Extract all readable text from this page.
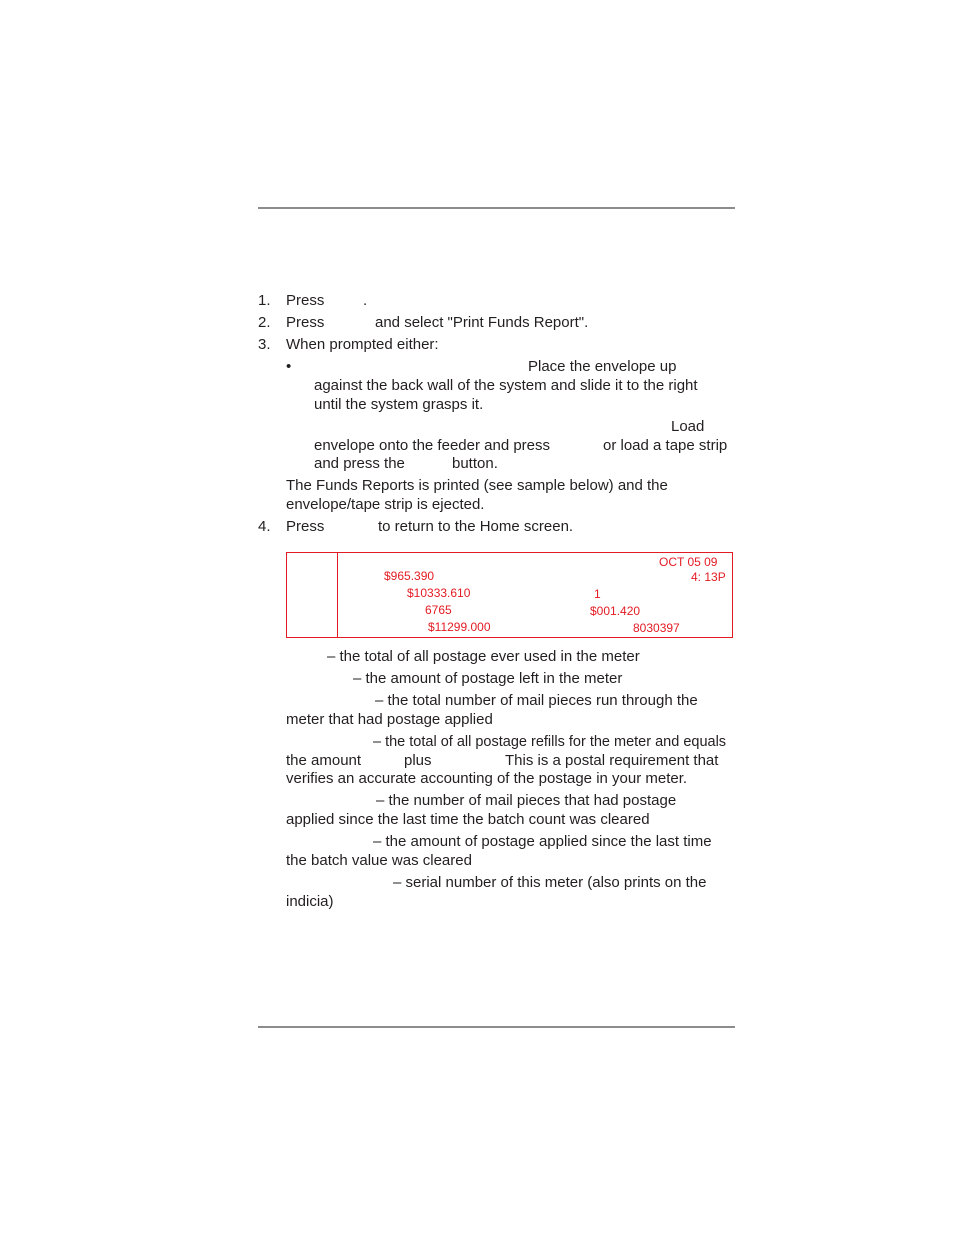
1. Press	.
2. Press	and select "Print Funds Report".
3. When prompted either:
•	Place the envelope up
against the back wall of the system and slide it to the right
until the system grasps it.
Load
envelope onto the feeder and press	or load a tape strip
and press the	button.
The Funds Reports is printed (see sample below) and the
envelope/tape strip is ejected.
4. Press	to return to the Home screen.
OCT 05 09
4: 13P
$965.390
$10333.610
6765
$11299.000
1
$001.420
8030397
– the total of all postage ever used in the meter
– the amount of postage left in the meter
– the total number of mail pieces run through the
meter that had postage applied
– the total of all postage refills for the meter and equals
the amount	plus	This is a postal requirement that
verifies an accurate accounting of the postage in your meter.
– the number of mail pieces that had postage
applied since the last time the batch count was cleared
– the amount of postage applied since the last time
the batch value was cleared
– serial number of this meter (also prints on the
indicia)
